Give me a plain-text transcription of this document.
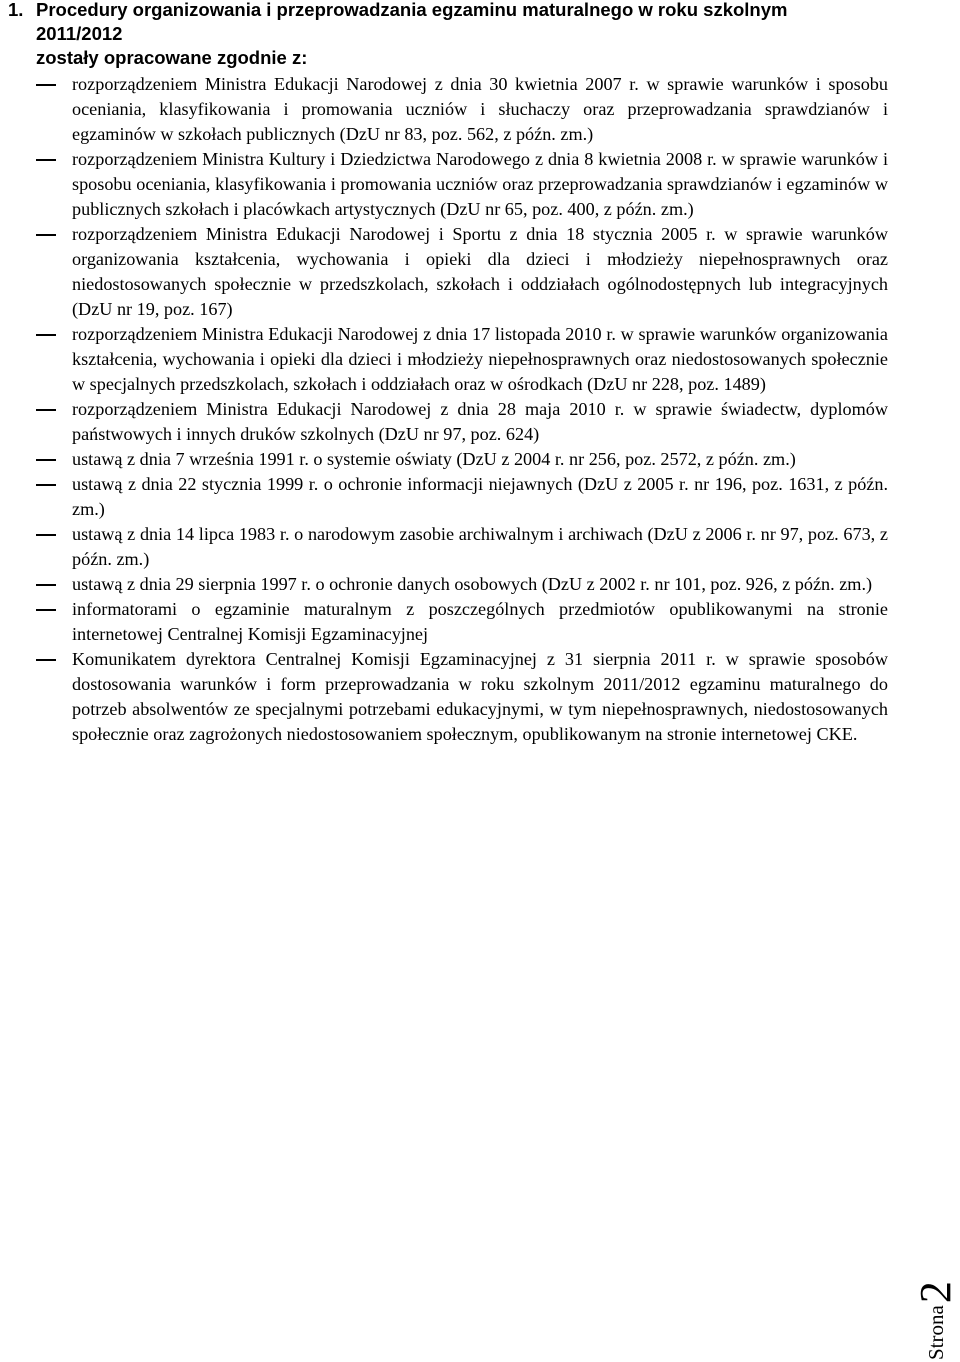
1. Procedury organizowania i przeprowadzania egzaminu maturalnego w roku szkolnym
2011/2012
zostały opracowane zgodnie z:
rozporządzeniem Ministra Edukacji Narodowej z dnia 30 kwietnia 2007 r. w sprawie warunków i sposobu oceniania, klasyfikowania i promowania uczniów i słuchaczy oraz przeprowadzania sprawdzianów i egzaminów w szkołach publicznych (DzU nr 83, poz. 562, z późn. zm.)
rozporządzeniem Ministra Kultury i Dziedzictwa Narodowego z dnia 8 kwietnia 2008 r. w sprawie warunków i sposobu oceniania, klasyfikowania i promowania uczniów oraz przeprowadzania sprawdzianów i egzaminów w publicznych szkołach i placówkach artystycznych (DzU nr 65, poz. 400, z późn. zm.)
rozporządzeniem Ministra Edukacji Narodowej i Sportu z dnia 18 stycznia 2005 r. w sprawie warunków organizowania kształcenia, wychowania i opieki dla dzieci i młodzieży niepełnosprawnych oraz niedostosowanych społecznie w przedszkolach, szkołach i oddziałach ogólnodostępnych lub integracyjnych (DzU nr 19, poz. 167)
rozporządzeniem Ministra Edukacji Narodowej z dnia 17 listopada 2010 r. w sprawie warunków organizowania kształcenia, wychowania i opieki dla dzieci i młodzieży niepełnosprawnych oraz niedostosowanych społecznie w specjalnych przedszkolach, szkołach i oddziałach oraz w ośrodkach (DzU nr 228, poz. 1489)
rozporządzeniem Ministra Edukacji Narodowej z dnia 28 maja 2010 r. w sprawie świadectw, dyplomów państwowych i innych druków szkolnych (DzU nr 97, poz. 624)
ustawą z dnia 7 września 1991 r. o systemie oświaty (DzU z 2004 r. nr 256, poz. 2572, z późn. zm.)
ustawą z dnia 22 stycznia 1999 r. o ochronie informacji niejawnych (DzU z 2005 r. nr 196, poz. 1631, z późn. zm.)
ustawą z dnia 14 lipca 1983 r. o narodowym zasobie archiwalnym i archiwach (DzU z 2006 r. nr 97, poz. 673, z późn. zm.)
ustawą z dnia 29 sierpnia 1997 r. o ochronie danych osobowych (DzU z 2002 r. nr 101, poz. 926, z późn. zm.)
informatorami o egzaminie maturalnym z poszczególnych przedmiotów opublikowanymi na stronie internetowej Centralnej Komisji Egzaminacyjnej
Komunikatem dyrektora Centralnej Komisji Egzaminacyjnej z 31 sierpnia 2011 r. w sprawie sposobów dostosowania warunków i form przeprowadzania w roku szkolnym 2011/2012 egzaminu maturalnego do potrzeb absolwentów ze specjalnymi potrzebami edukacyjnymi, w tym niepełnosprawnych, niedostosowanych społecznie oraz zagrożonych niedostosowaniem społecznym, opublikowanym na stronie internetowej CKE.
Strona
2
